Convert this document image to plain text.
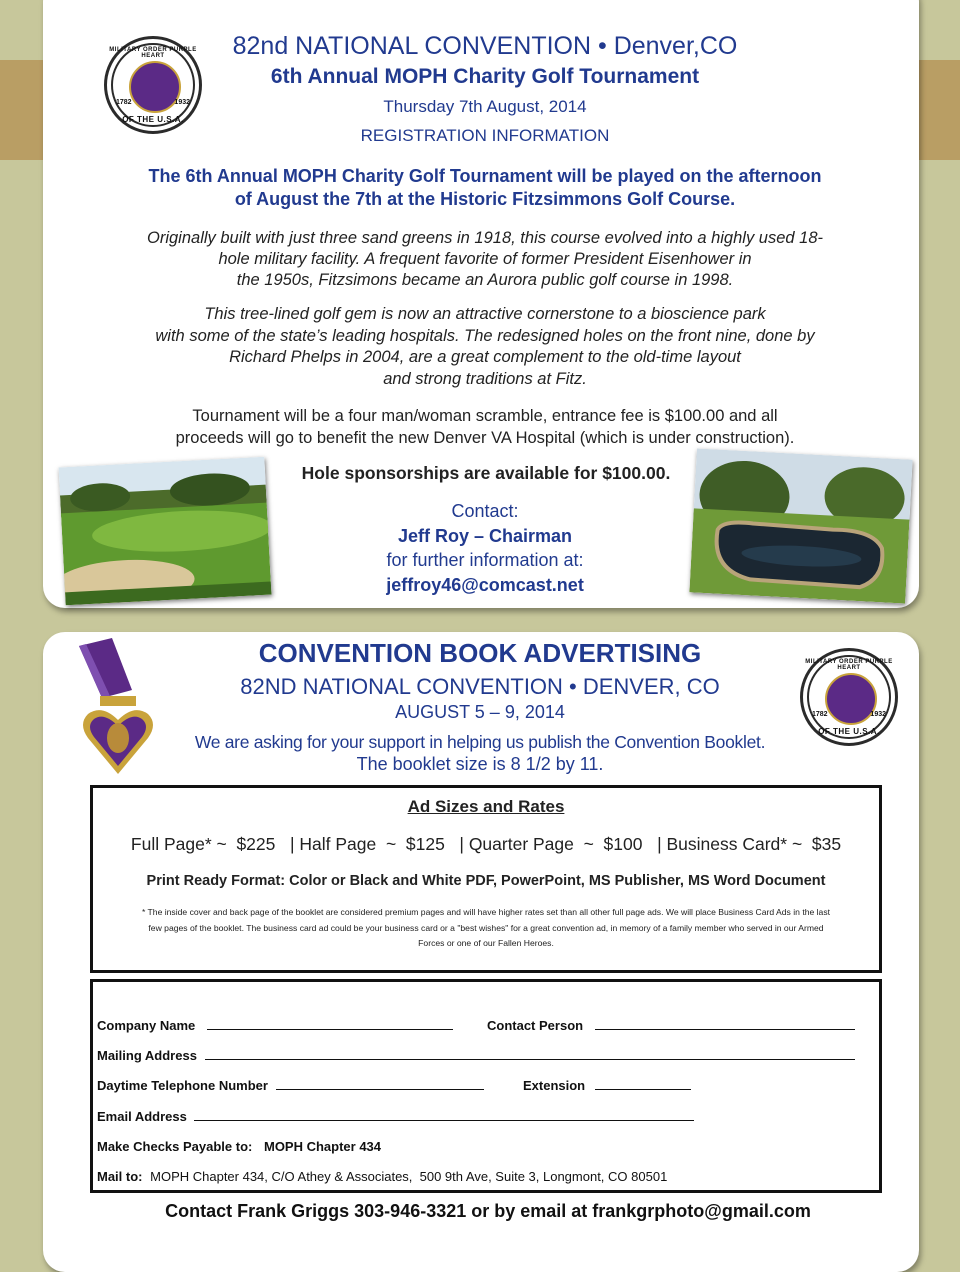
MILITARY ORDER PURPLE HEART
1782	1932
OF THE U.S.A.
82nd NATIONAL CONVENTION • Denver,CO
6th Annual MOPH Charity Golf Tournament
Thursday 7th August, 2014
REGISTRATION INFORMATION

The 6th Annual MOPH Charity Golf Tournament will be played on the afternoon

of August the 7th at the Historic Fitzsimmons Golf Course.

Originally built with just three sand greens in 1918, this course evolved into a highly used 18-

hole military facility. A frequent favorite of former President Eisenhower in

the 1950s, Fitzsimons became an Aurora public golf course in 1998.

This tree-lined golf gem is now an attractive cornerstone to a bioscience park

with some of the state’s leading hospitals. The redesigned holes on the front nine, done by

Richard Phelps in 2004, are a great complement to the old-time layout

and strong traditions at Fitz.

Tournament will be a four man/woman scramble, entrance fee is $100.00 and all

proceeds will go to benefit the new Denver VA Hospital (which is under construction).

Hole sponsorships are available for $100.00.

Contact:

Jeff Roy – Chairman

for further information at:

jeffroy46@comcast.net

MILITARY ORDER PURPLE HEART
1782	1932
OF THE U.S.A.
CONVENTION BOOK ADVERTISING
82ND NATIONAL CONVENTION • DENVER, CO
AUGUST 5 – 9, 2014

We are asking for your support in helping us publish the Convention Booklet.

The booklet size is 8 1/2 by 11.

Ad Sizes and Rates
Full Page* ~  $225   | Half Page  ~  $125   | Quarter Page  ~  $100   | Business Card* ~  $35
Print Ready Format: Color or Black and White PDF, PowerPoint, MS Publisher, MS Word Document

* The inside cover and back page of the booklet are considered premium pages and will have higher rates set than all other full page ads. We will place Business Card Ads in the last

few pages of the booklet. The business card ad could be your business card or a "best wishes" for a great convention ad, in memory of a family member who served in our Armed

Forces or one of our Fallen Heroes.

Company Name	Contact Person
Mailing Address
Daytime Telephone Number	Extension
Email Address
Make Checks Payable to: MOPH Chapter 434
Mail to: MOPH Chapter 434, C/O Athey & Associates,  500 9th Ave, Suite 3, Longmont, CO 80501
Contact Frank Griggs 303-946-3321 or by email at frankgrphoto@gmail.com
